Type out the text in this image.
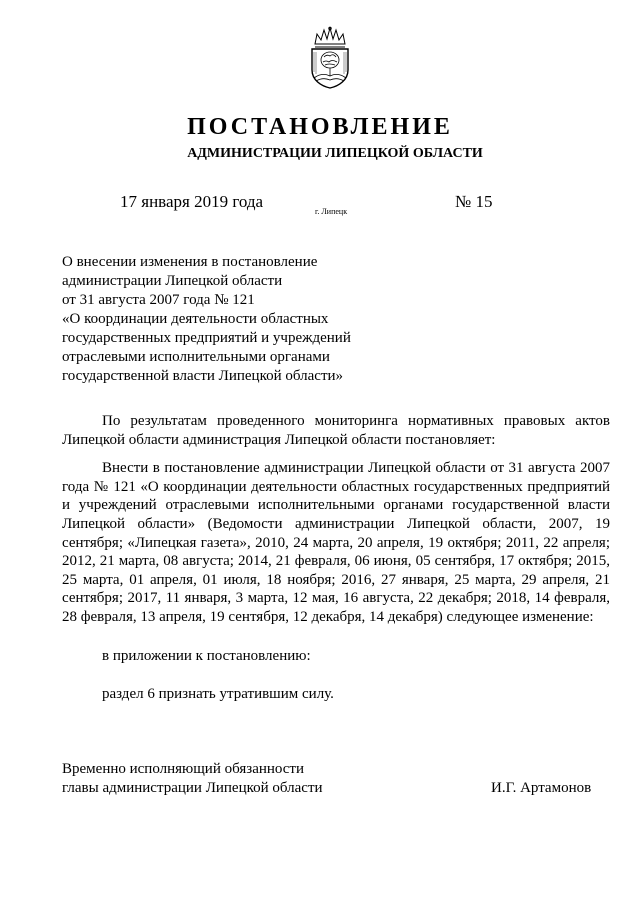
ПОСТАНОВЛЕНИЕ
АДМИНИСТРАЦИИ ЛИПЕЦКОЙ ОБЛАСТИ
17 января 2019 года
г. Липецк
№ 15
О внесении изменения в постановление
администрации Липецкой области
от 31 августа 2007 года № 121
«О координации деятельности областных
государственных предприятий и учреждений
отраслевыми исполнительными органами
государственной власти Липецкой области»

По результатам проведенного мониторинга нормативных правовых актов Липецкой области администрация Липецкой области постановляет:

Внести в постановление администрации Липецкой области от 31 августа 2007 года № 121 «О координации деятельности областных государственных предприятий и учреждений отраслевыми исполнительными органами государственной власти Липецкой области» (Ведомости администрации Липецкой области, 2007, 19 сентября; «Липецкая газета», 2010, 24 марта, 20 апреля, 19 октября; 2011, 22 апреля; 2012, 21 марта, 08 августа; 2014, 21 февраля, 06 июня, 05 сентября, 17 октября; 2015, 25 марта, 01 апреля, 01 июля, 18 ноября; 2016, 27 января, 25 марта, 29 апреля, 21 сентября; 2017, 11 января, 3 марта, 12 мая, 16 августа, 22 декабря; 2018, 14 февраля, 28 февраля, 13 апреля, 19 сентября, 12 декабря, 14 декабря) следующее изменение:

в приложении к постановлению:

раздел 6 признать утратившим силу.

Временно исполняющий обязанности
главы администрации Липецкой области	И.Г. Артамонов
